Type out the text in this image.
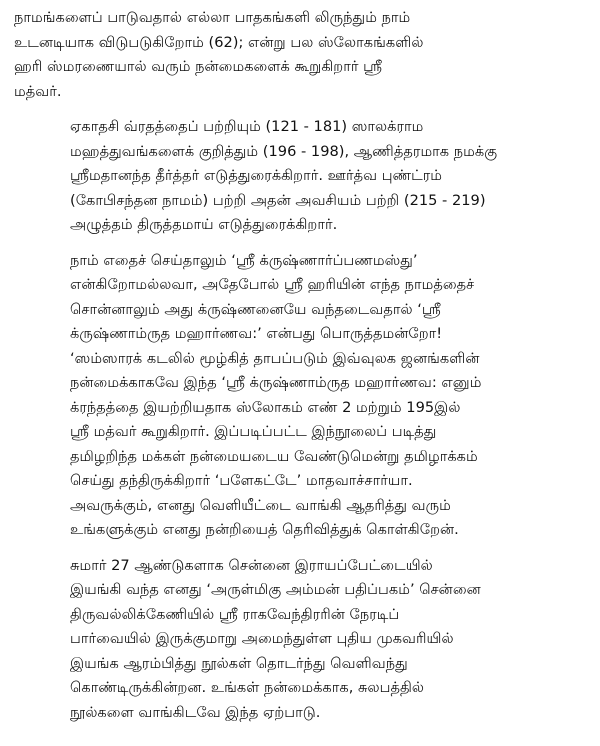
நாமங்களைப் பாடுவதால் எல்லா பாதகங்களி லிருந்தும் நாம்
உடனடியாக விடுபடுகிறோம் (62); என்று பல ஸ்லோகங்களில்
ஹரி ஸ்மரணையால் வரும் நன்மைகளைக் கூறுகிறார் ஸ்ரீ
மத்வர்.

ஏகாதசி வ்ரதத்தைப் பற்றியும் (121 - 181) ஸாலக்ராம
மஹத்துவங்களைக் குறித்தும் (196 - 198), ஆணித்தரமாக நமக்கு
ஸ்ரீமதானந்த தீர்த்தர் எடுத்துரைக்கிறார். ஊர்த்வ புண்ட்ரம்
(கோபிசந்தன நாமம்) பற்றி அதன் அவசியம் பற்றி (215 - 219)
அழுத்தம் திருத்தமாய் எடுத்துரைக்கிறார்.

நாம் எதைச் செய்தாலும் ‘ஸ்ரீ க்ருஷ்ணார்ப்பணமஸ்து’
என்கிறோமல்லவா, அதேபோல் ஸ்ரீ ஹரியின் எந்த நாமத்தைச்
சொன்னாலும் அது க்ருஷ்ணனையே வந்தடைவதால் ‘ஸ்ரீ
க்ருஷ்ணாம்ருத மஹார்ணவ:’ என்பது பொருத்தமன்றோ!
‘ஸம்ஸாரக் கடலில் மூழ்கித் தாபப்படும் இவ்வுலக ஜனங்களின்
நன்மைக்காகவே இந்த ‘ஸ்ரீ க்ருஷ்ணாம்ருத மஹார்ணவ: எனும்
க்ரந்தத்தை இயற்றியதாக ஸ்லோகம் எண் 2 மற்றும் 195இல்
ஸ்ரீ மத்வர் கூறுகிறார். இப்படிப்பட்ட இந்நூலைப் படித்து
தமிழறிந்த மக்கள் நன்மையடைய வேண்டுமென்று தமிழாக்கம்
செய்து தந்திருக்கிறார் ‘பளேகட்டே’ மாதவாச்சார்யா.
அவருக்கும், எனது வெளியீட்டை வாங்கி ஆதரித்து வரும்
உங்களுக்கும் எனது நன்றியைத் தெரிவித்துக் கொள்கிறேன்.

சுமார் 27 ஆண்டுகளாக சென்னை இராயப்பேட்டையில்
இயங்கி வந்த எனது ‘அருள்மிகு அம்மன் பதிப்பகம்’ சென்னை
திருவல்லிக்கேணியில் ஸ்ரீ ராகவேந்திரரின் நேரடிப்
பார்வையில் இருக்குமாறு அமைந்துள்ள புதிய முகவரியில்
இயங்க ஆரம்பித்து நூல்கள் தொடர்ந்து வெளிவந்து
கொண்டிருக்கின்றன. உங்கள் நன்மைக்காக, சுலபத்தில்
நூல்களை வாங்கிடவே இந்த ஏற்பாடு.
